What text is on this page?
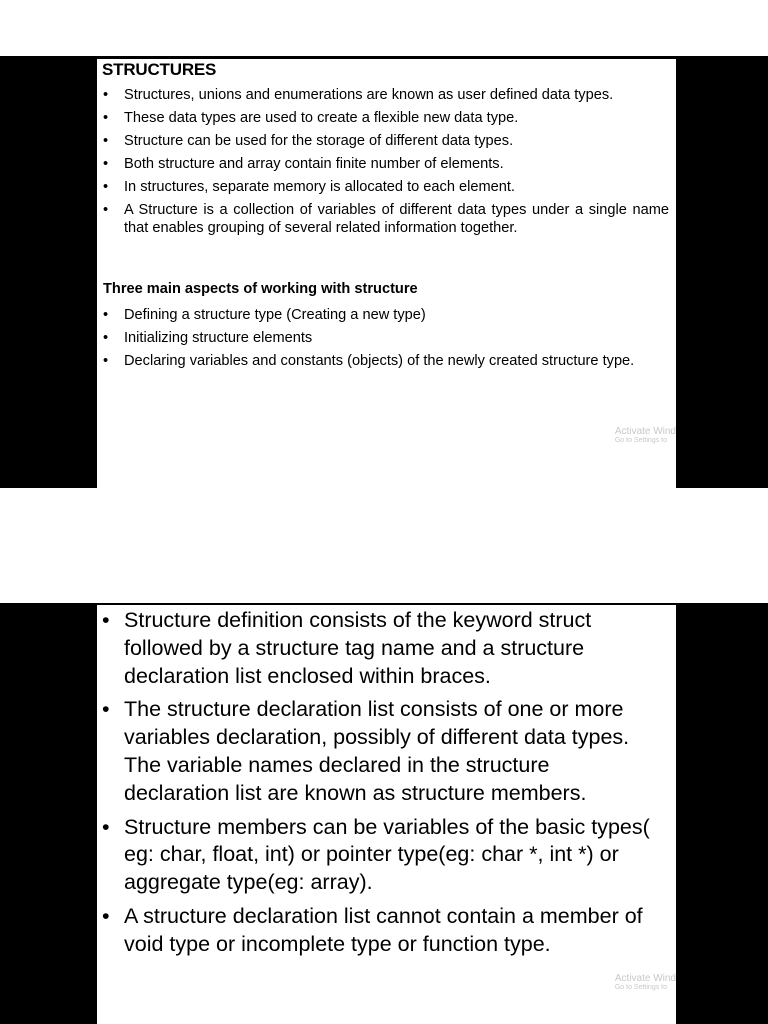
STRUCTURES
• Structures, unions and enumerations are known as user defined data types.
• These data types are used to create a flexible new data type.
• Structure can be used for the storage of different data types.
• Both structure and array contain finite number of elements.
• In structures, separate memory is allocated to each element.
• A Structure is a collection of variables of different data types under a single name that enables grouping of several related information together.
Three main aspects of working with structure
• Defining a structure type (Creating a new type)
• Initializing structure elements
• Declaring variables and constants (objects) of the newly created structure type.
Activate Wind
Go to Settings to
• Structure definition consists of the keyword struct followed by a structure tag name and a structure declaration list enclosed within braces.
• The structure declaration list consists of one or more variables declaration, possibly of different data types. The variable names declared in the structure declaration list are known as structure members.
• Structure members can be variables of the basic types( eg: char, float, int) or pointer type(eg: char *, int *) or aggregate type(eg: array).
• A structure declaration list cannot contain a member of void type or incomplete type or function type.
Activate Wind
Go to Settings to
